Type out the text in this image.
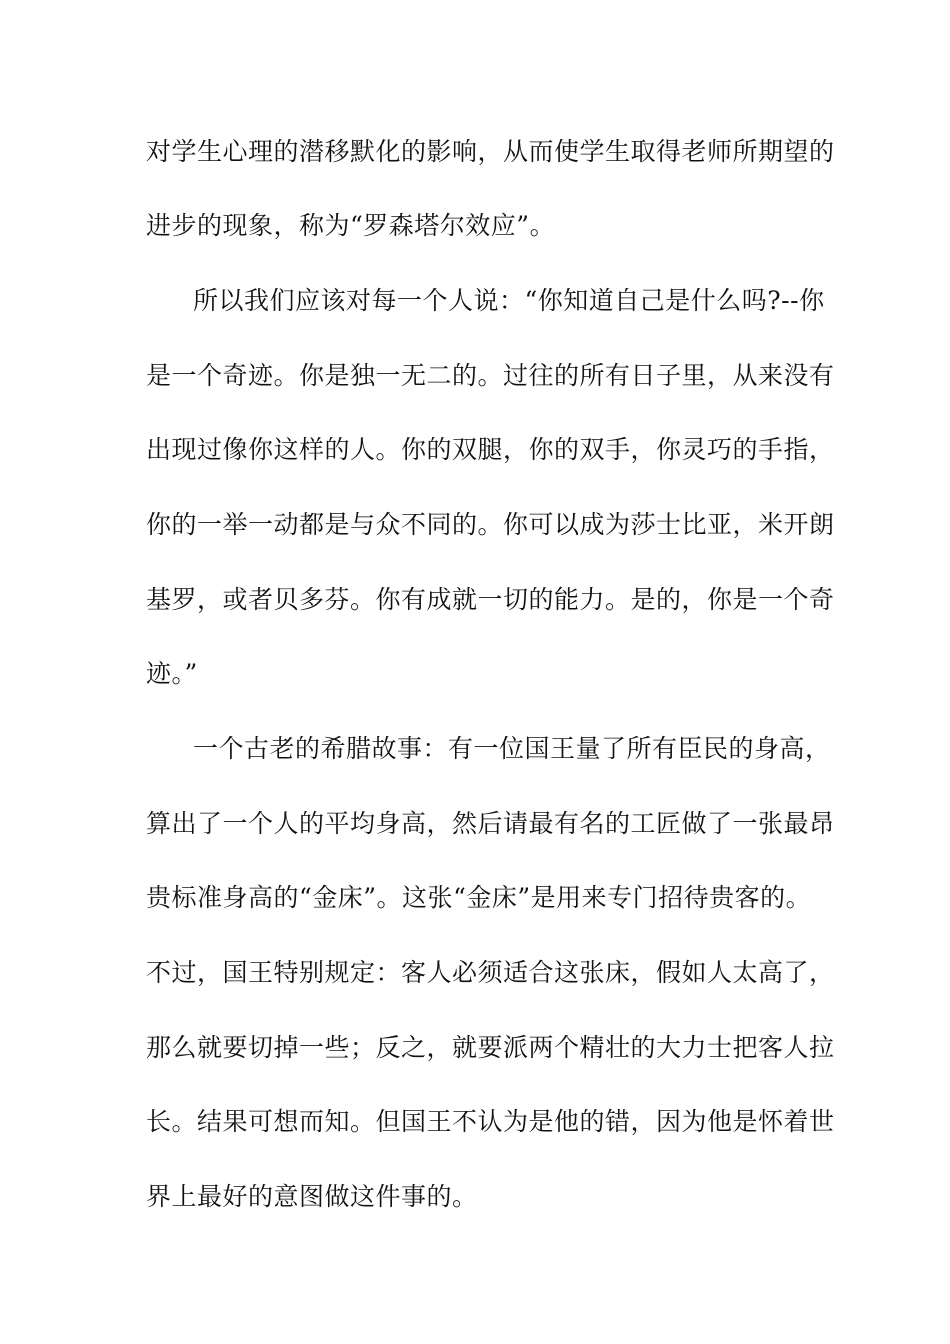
对学生心理的潜移默化的影响，从而使学生取得老师所期望的
进步的现象，称为“罗森塔尔效应”。
所以我们应该对每一个人说：“你知道自己是什么吗?--你
是一个奇迹。你是独一无二的。过往的所有日子里，从来没有
出现过像你这样的人。你的双腿，你的双手，你灵巧的手指，
你的一举一动都是与众不同的。你可以成为莎士比亚，米开朗
基罗，或者贝多芬。你有成就一切的能力。是的，你是一个奇
迹。”
一个古老的希腊故事：有一位国王量了所有臣民的身高，
算出了一个人的平均身高，然后请最有名的工匠做了一张最昂
贵标准身高的“金床”。这张“金床”是用来专门招待贵客的。
不过，国王特别规定：客人必须适合这张床，假如人太高了，
那么就要切掉一些；反之，就要派两个精壮的大力士把客人拉
长。结果可想而知。但国王不认为是他的错，因为他是怀着世
界上最好的意图做这件事的。
